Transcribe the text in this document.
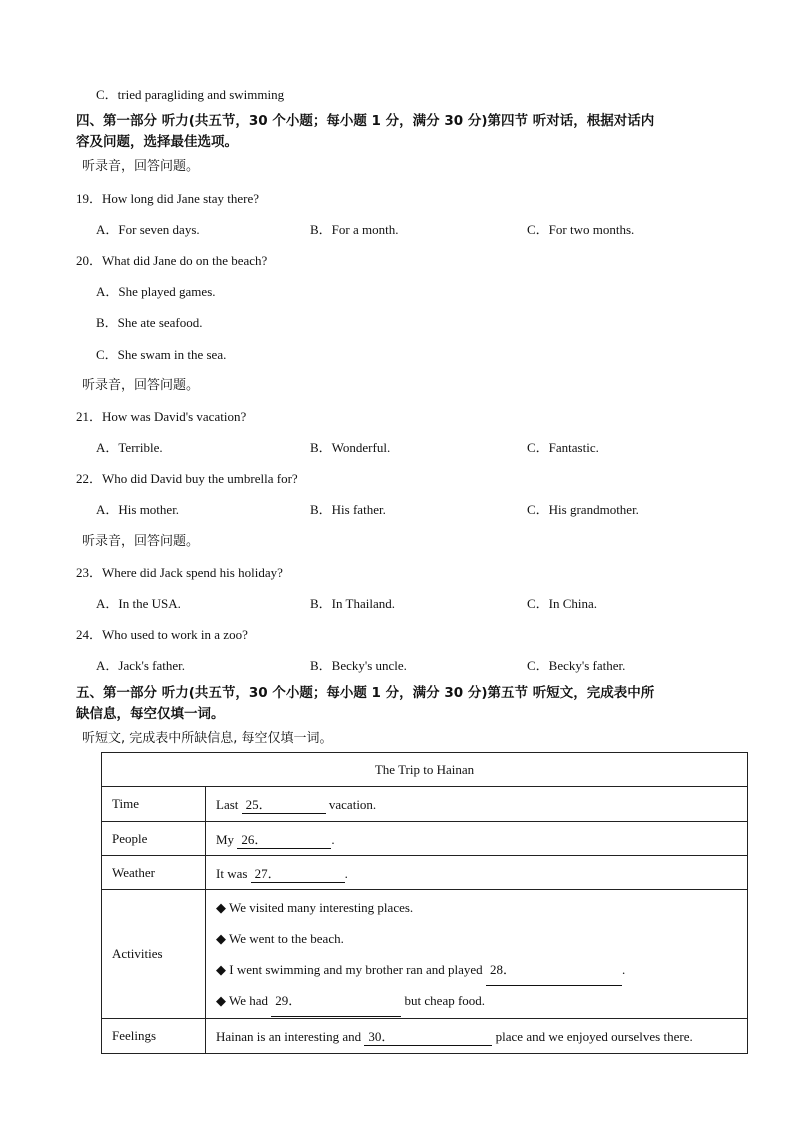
C．tried paragliding and swimming
四、第一部分 听力(共五节，30 个小题；每小题 1 分，满分 30 分)第四节 听对话，根据对话内
容及问题，选择最佳选项。
听录音，回答问题。
19．How long did Jane stay there?
A．For seven days.	B．For a month.	C．For two months.
20．What did Jane do on the beach?
A．She played games.
B．She ate seafood.
C．She swam in the sea.
听录音，回答问题。
21．How was David's vacation?
A．Terrible.	B．Wonderful.	C．Fantastic.
22．Who did David buy the umbrella for?
A．His mother.	B．His father.	C．His grandmother.
听录音，回答问题。
23．Where did Jack spend his holiday?
A．In the USA.	B．In Thailand.	C．In China.
24．Who used to work in a zoo?
A．Jack's father.	B．Becky's uncle.	C．Becky's father.
五、第一部分 听力(共五节，30 个小题；每小题 1 分，满分 30 分)第五节 听短文，完成表中所
缺信息，每空仅填一词。
听短文, 完成表中所缺信息, 每空仅填一词。
The Trip to Hainan	
Time	Last 25． vacation.
People	My 26． .
Weather	It was 27． .
Activities	◆ We visited many interesting places.
◆ We went to the beach.
◆ I went swimming and my brother ran and played 28． .
◆ We had 29． but cheap food.

Feelings	Hainan is an interesting and 30． place and we enjoyed ourselves there.
